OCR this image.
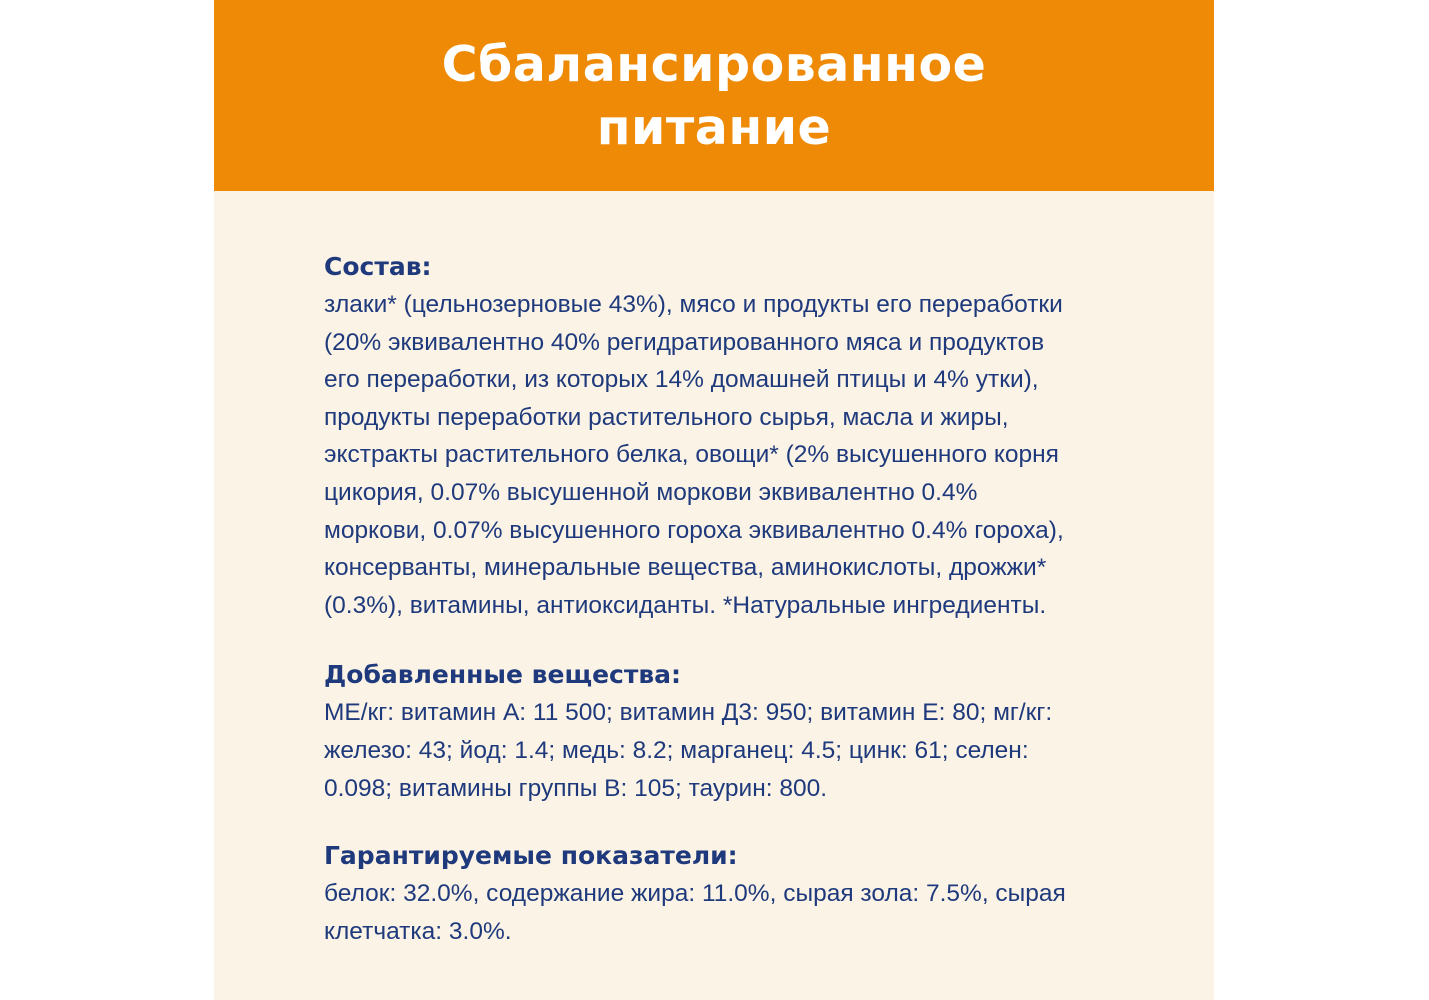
Сбалансированное
питание
Состав:

злаки* (цельнозерновые 43%), мясо и продукты его переработки
(20% эквивалентно 40% регидратированного мяса и продуктов
его переработки, из которых 14% домашней птицы и 4% утки),
продукты переработки растительного сырья, масла и жиры,
экстракты растительного белка, овощи* (2% высушенного корня
цикория, 0.07% высушенной моркови эквивалентно 0.4%
моркови, 0.07% высушенного гороха эквивалентно 0.4% гороха),
консерванты, минеральные вещества, аминокислоты, дрожжи*
(0.3%), витамины, антиоксиданты. *Натуральные ингредиенты.

Добавленные вещества:

МЕ/кг: витамин А: 11 500; витамин Д3: 950; витамин Е: 80; мг/кг:
железо: 43; йод: 1.4; медь: 8.2; марганец: 4.5; цинк: 61; селен:
0.098; витамины группы В: 105; таурин: 800.

Гарантируемые показатели:

белок: 32.0%, содержание жира: 11.0%, сырая зола: 7.5%, сырая
клетчатка: 3.0%.
